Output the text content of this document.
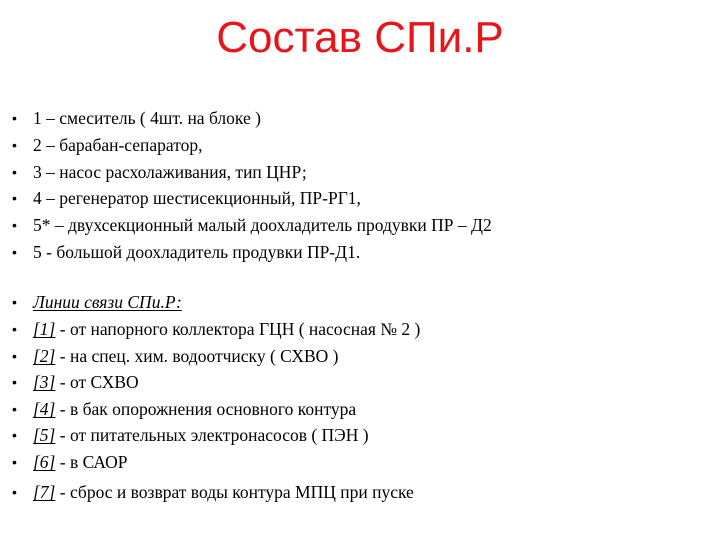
Состав СПи.Р
• 1 – смеситель ( 4шт. на блоке )
• 2 – барабан-сепаратор,
• 3 – насос расхолаживания, тип ЦНР;
• 4 – регенератор шестисекционный, ПР-РГ1,
• 5* – двухсекционный малый доохладитель продувки ПР – Д2
• 5 - большой доохладитель продувки ПР-Д1.
• Линии связи СПи.Р:
• [1] - от напорного коллектора ГЦН ( насосная № 2 )
• [2] - на спец. хим. водоотчиску ( СХВО )
• [3] - от СХВО
• [4] - в бак опорожнения основного контура
• [5] - от питательных электронасосов ( ПЭН )
• [6] - в САОР
• [7] - сброс и возврат воды контура МПЦ при пуске
